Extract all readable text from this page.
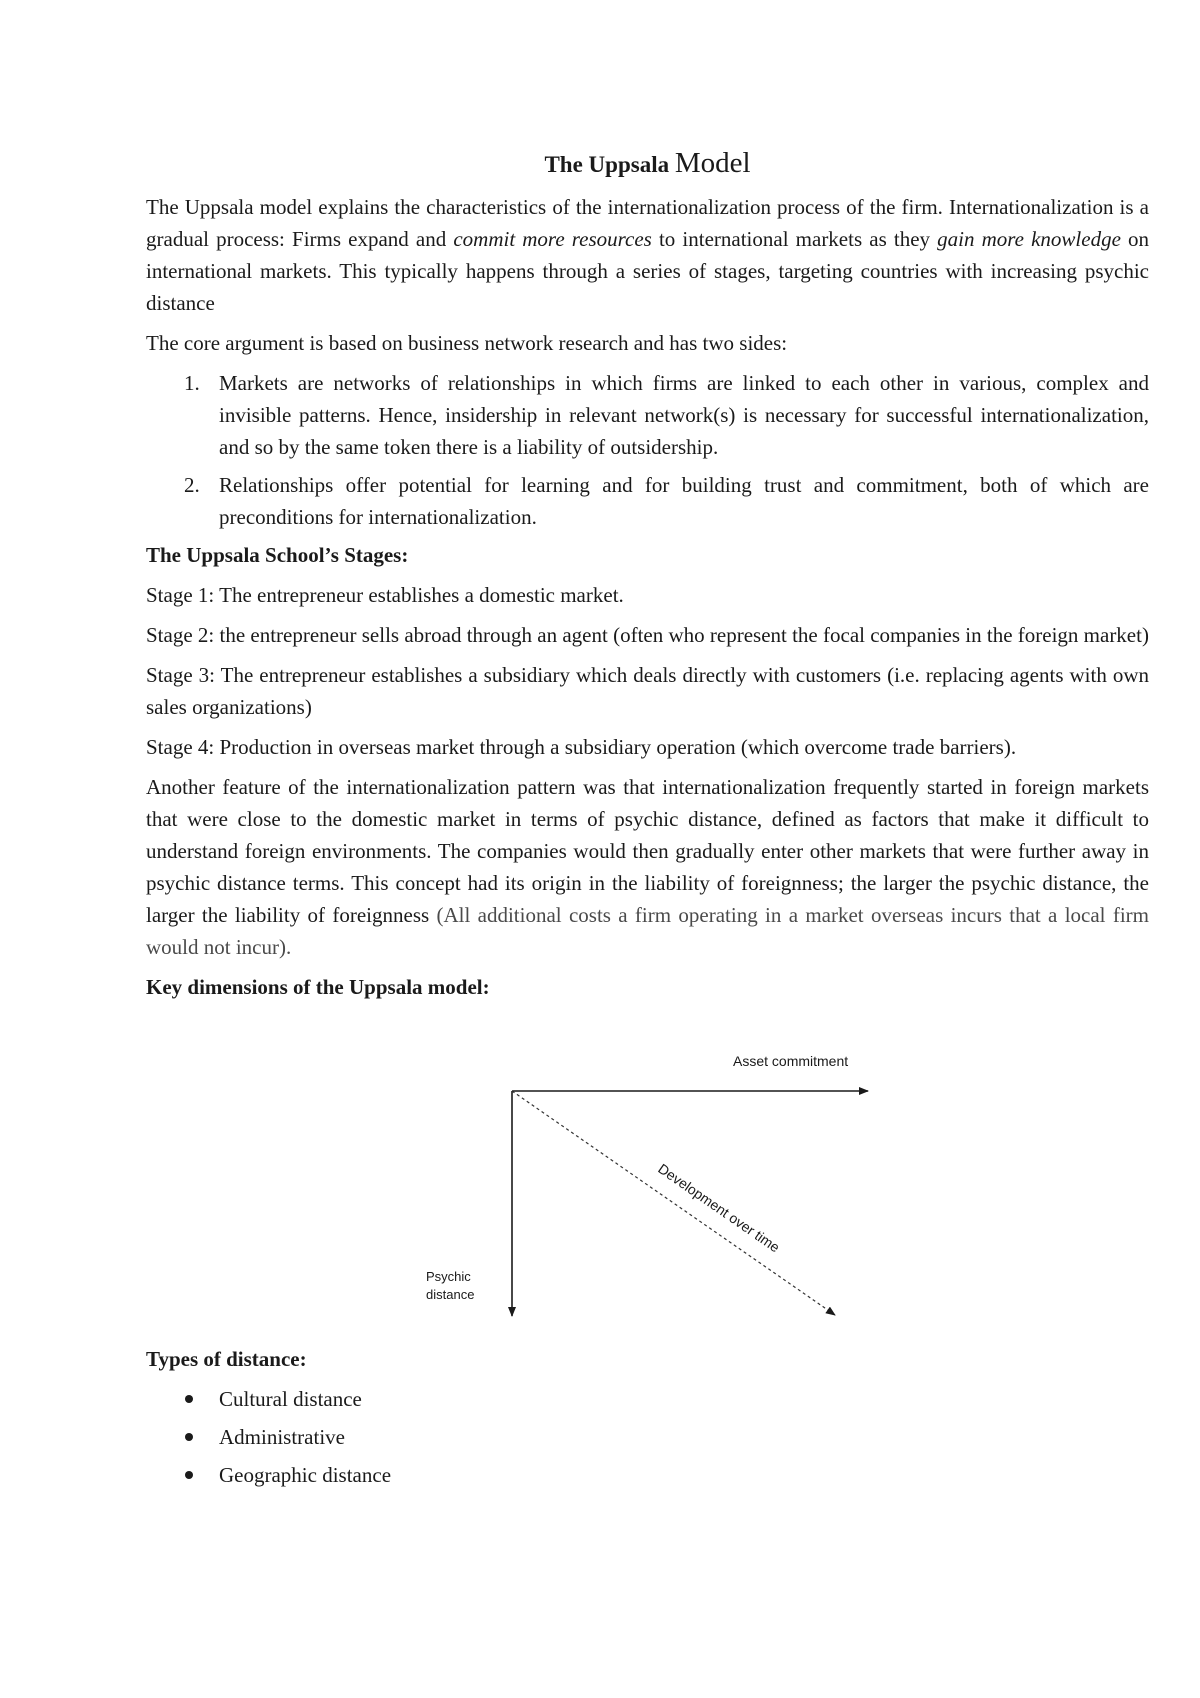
The Uppsala Model

The Uppsala model explains the characteristics of the internationalization process of the firm. Internationalization is a gradual process: Firms expand and commit more resources to international markets as they gain more knowledge on international markets. This typically happens through a series of stages, targeting countries with increasing psychic distance

The core argument is based on business network research and has two sides:

1. Markets are networks of relationships in which firms are linked to each other in various, complex and invisible patterns. Hence, insidership in relevant network(s) is necessary for successful internationalization, and so by the same token there is a liability of outsidership.
2. Relationships offer potential for learning and for building trust and commitment, both of which are preconditions for internationalization.
The Uppsala School’s Stages:

Stage 1: The entrepreneur establishes a domestic market.

Stage 2: the entrepreneur sells abroad through an agent (often who represent the focal companies in the foreign market)

Stage 3: The entrepreneur establishes a subsidiary which deals directly with customers (i.e. replacing agents with own sales organizations)

Stage 4: Production in overseas market through a subsidiary operation (which overcome trade barriers).

Another feature of the internationalization pattern was that internationalization frequently started in foreign markets that were close to the domestic market in terms of psychic distance, defined as factors that make it difficult to understand foreign environments. The companies would then gradually enter other markets that were further away in psychic distance terms. This concept had its origin in the liability of foreignness; the larger the psychic distance, the larger the liability of foreignness (All additional costs a firm operating in a market overseas incurs that a local firm would not incur).

Key dimensions of the Uppsala model:
Asset commitment
Development over time
Psychic
distance
Types of distance:
Cultural distance
Administrative
Geographic distance
